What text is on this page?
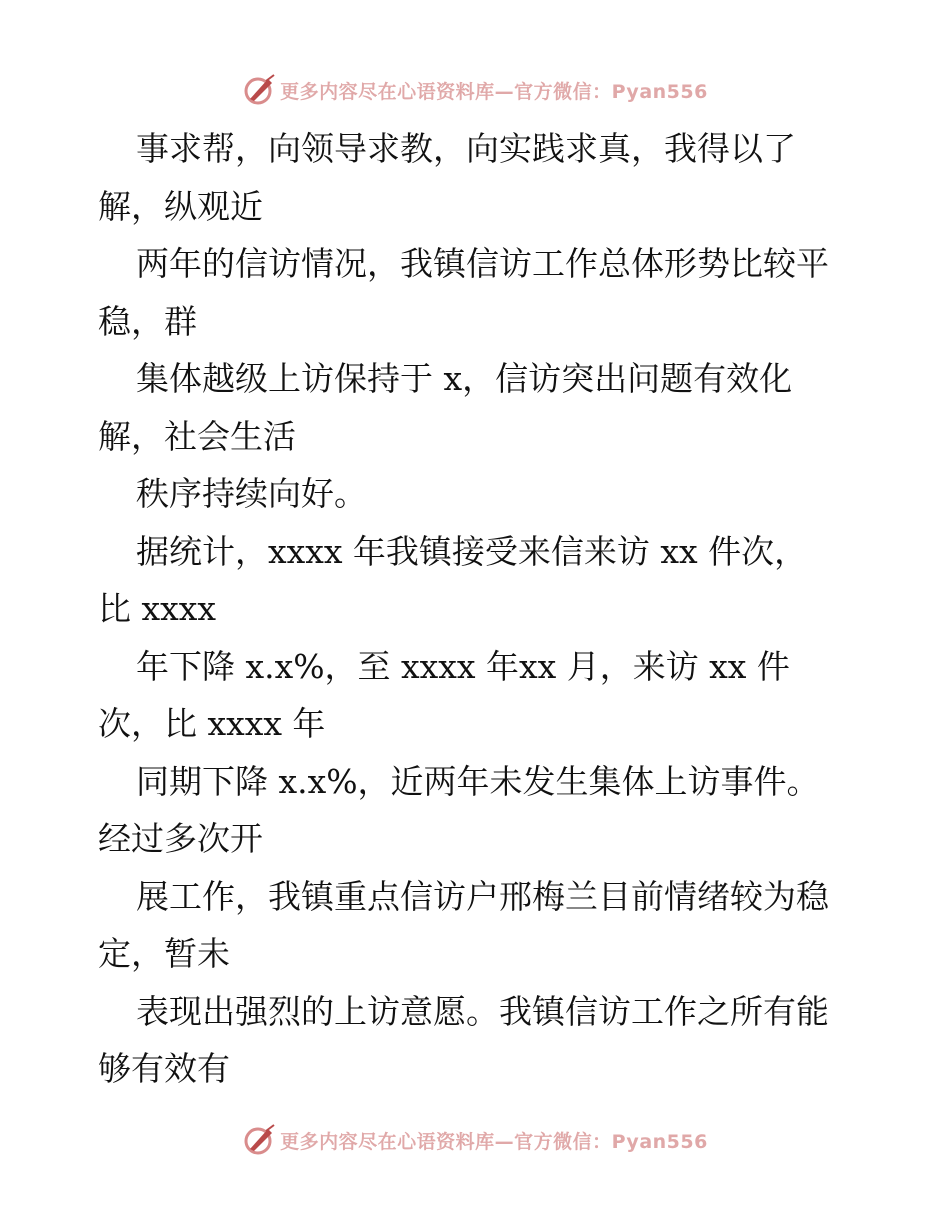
更多内容尽在心语资料库—官方微信：Pyan556
事求帮，向领导求教，向实践求真，我得以了
解，纵观近
两年的信访情况，我镇信访工作总体形势比较平
稳，群
集体越级上访保持于 x，信访突出问题有效化
解，社会生活
秩序持续向好。
据统计，xxxx 年我镇接受来信来访 xx 件次，
比 xxxx
年下降 x.x%，至 xxxx 年xx 月，来访 xx 件
次，比 xxxx 年
同期下降 x.x%，近两年未发生集体上访事件。
经过多次开
展工作，我镇重点信访户邢梅兰目前情绪较为稳
定，暂未
表现出强烈的上访意愿。我镇信访工作之所有能
够有效有
更多内容尽在心语资料库—官方微信：Pyan556
